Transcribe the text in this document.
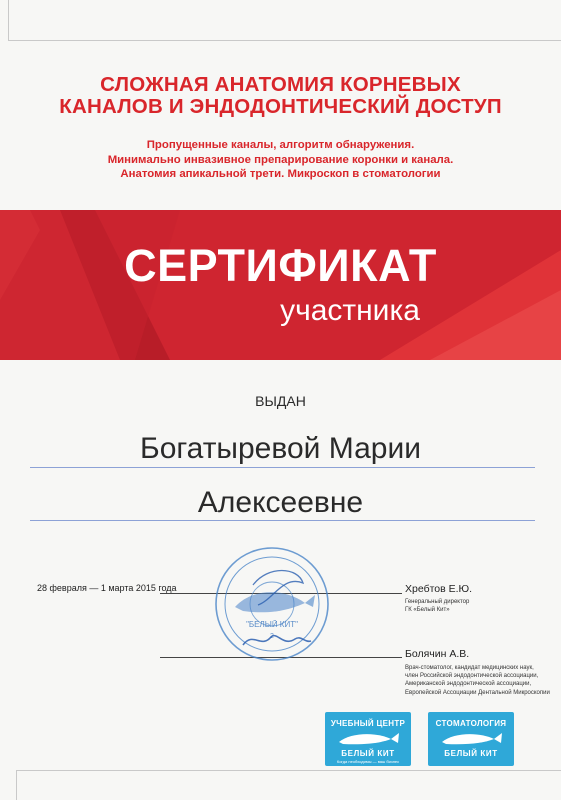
СЛОЖНАЯ АНАТОМИЯ КОРНЕВЫХ
КАНАЛОВ И ЭНДОДОНТИЧЕСКИЙ ДОСТУП
Пропущенные каналы, алгоритм обнаружения.
Минимально инвазивное препарирование коронки и канала.
Анатомия апикальной трети. Микроскоп в стоматологии
СЕРТИФИКАТ
участника
ВЫДАН
Богатыревой Марии
Алексеевне
28 февраля — 1 марта 2015 года	Хребтов Е.Ю.
Генеральный директор
ГК «Белый Кит»
Болячин А.В.
Врач-стоматолог, кандидат медицинских наук,
член Российской эндодонтической ассоциации,
Американской эндодонтической ассоциации,
Европейской Ассоциации Дентальной Микроскопии
"БЕЛЫЙ КИТ"
2
УЧЕБНЫЙ ЦЕНТР
БЕЛЫЙ КИТ
Когда необходимы — ваш бизнес
СТОМАТОЛОГИЯ
БЕЛЫЙ КИТ
